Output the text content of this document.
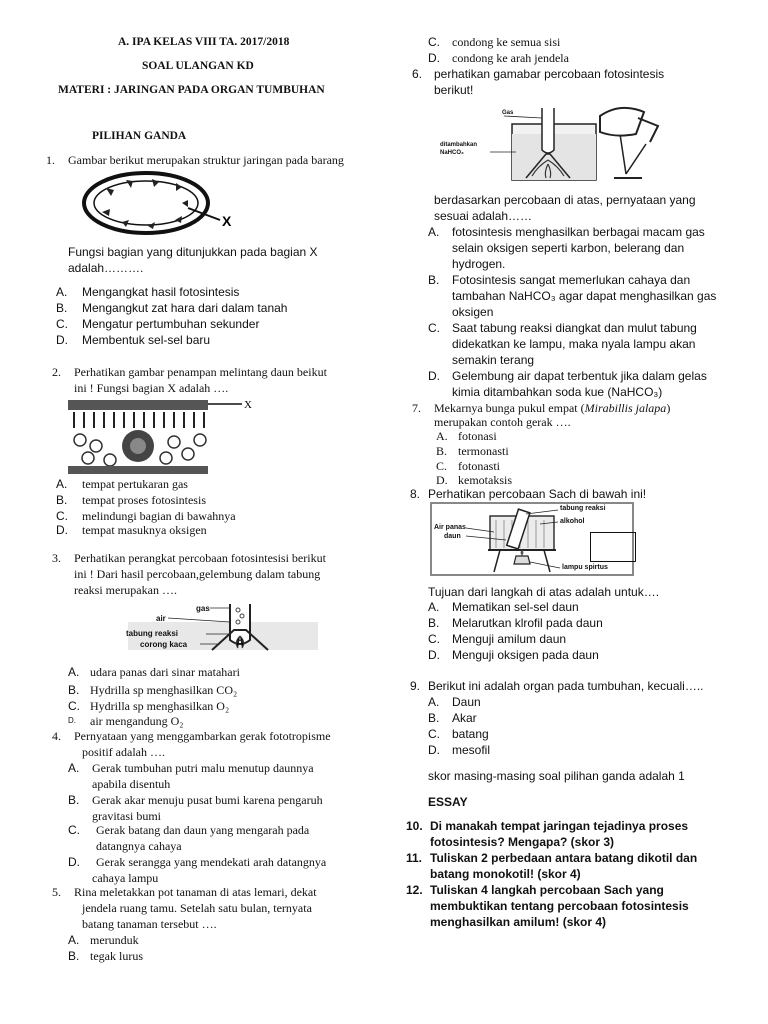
A. IPA KELAS VIII TA. 2017/2018
SOAL ULANGAN KD
MATERI : JARINGAN PADA ORGAN TUMBUHAN
PILIHAN GANDA
1. Gambar berikut merupakan struktur jaringan pada barang
X
Fungsi bagian yang ditunjukkan pada bagian X
adalah……….
A. Mengangkat hasil fotosintesis
B. Mengangkut zat hara dari dalam tanah
C. Mengatur pertumbuhan sekunder
D. Membentuk sel-sel baru
2. Perhatikan gambar penampan melintang daun beikut
ini ! Fungsi bagian X adalah ….
X
A. tempat pertukaran gas
B. tempat proses fotosintesis
C. melindungi bagian di bawahnya
D. tempat masuknya oksigen
3. Perhatikan perangkat percobaan fotosintesisi berikut
ini ! Dari hasil percobaan,gelembung dalam tabung
reaksi merupakan ….
gas
air
tabung reaksi
corong kaca
A. udara panas dari sinar matahari
B. Hydrilla sp menghasilkan CO₂
C. Hydrilla sp menghasilkan O₂
D. air mengandung O₂
4. Pernyataan yang menggambarkan gerak fototropisme
positif adalah ….
A. Gerak tumbuhan putri malu menutup daunnya
apabila disentuh
B. Gerak akar menuju pusat bumi karena pengaruh
gravitasi bumi
C. Gerak batang dan daun yang mengarah pada
datangnya cahaya
D. Gerak serangga yang mendekati arah datangnya
cahaya lampu
5. Rina meletakkan pot tanaman di atas lemari, dekat
jendela ruang tamu. Setelah satu bulan, ternyata
batang tanaman tersebut ….
A. merunduk
B. tegak lurus
C. condong ke semua sisi
D. condong ke arah jendela
6. perhatikan gamabar percobaan fotosintesis
berikut!
Gas
ditambahkan
NaHCO₃
berdasarkan percobaan di atas, pernyataan yang
sesuai adalah……
A. fotosintesis menghasilkan berbagai macam gas
selain oksigen seperti karbon, belerang dan
hydrogen.
B. Fotosintesis sangat memerlukan cahaya dan
tambahan NaHCO₃ agar dapat menghasilkan gas
oksigen
C. Saat tabung reaksi diangkat dan mulut tabung
didekatkan ke lampu, maka nyala lampu akan
semakin terang
D. Gelembung air dapat terbentuk jika dalam gelas
kimia ditambahkan soda kue (NaHCO₃)
7. Mekarnya bunga pukul empat (Mirabillis jalapa)
merupakan contoh gerak ….
A. fotonasi
B. termonasti
C. fotonasti
D. kemotaksis
8. Perhatikan percobaan Sach di bawah ini!
tabung reaksi
alkohol
Air panas
daun
lampu spirtus
Tujuan dari langkah di atas adalah untuk….
A. Mematikan sel-sel daun
B. Melarutkan klrofil pada daun
C. Menguji amilum daun
D. Menguji oksigen pada daun
9. Berikut ini adalah organ pada tumbuhan, kecuali…..
A. Daun
B. Akar
C. batang
D. mesofil
skor masing-masing soal pilihan ganda adalah 1
ESSAY
10. Di manakah tempat jaringan tejadinya proses
fotosintesis? Mengapa? (skor 3)
11. Tuliskan 2 perbedaan antara batang dikotil dan
batang monokotil! (skor 4)
12. Tuliskan 4 langkah percobaan Sach yang
membuktikan tentang percobaan fotosintesis
menghasilkan amilum! (skor 4)
